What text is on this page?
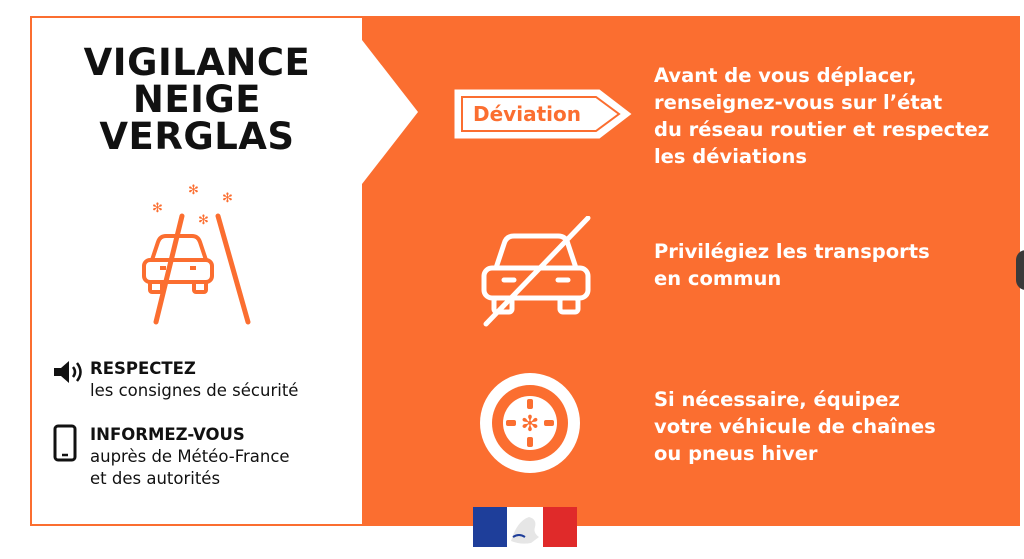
VIGILANCE
NEIGE
VERGLAS
✻
✻
✻
✻
RESPECTEZ
les consignes de sécurité
INFORMEZ-VOUS
auprès de Météo-France
et des autorités
Déviation
Avant de vous déplacer,
renseignez-vous sur l’état
du réseau routier et respectez
les déviations
Privilégiez les transports
en commun
✻
Si nécessaire, équipez
votre véhicule de chaînes
ou pneus hiver
